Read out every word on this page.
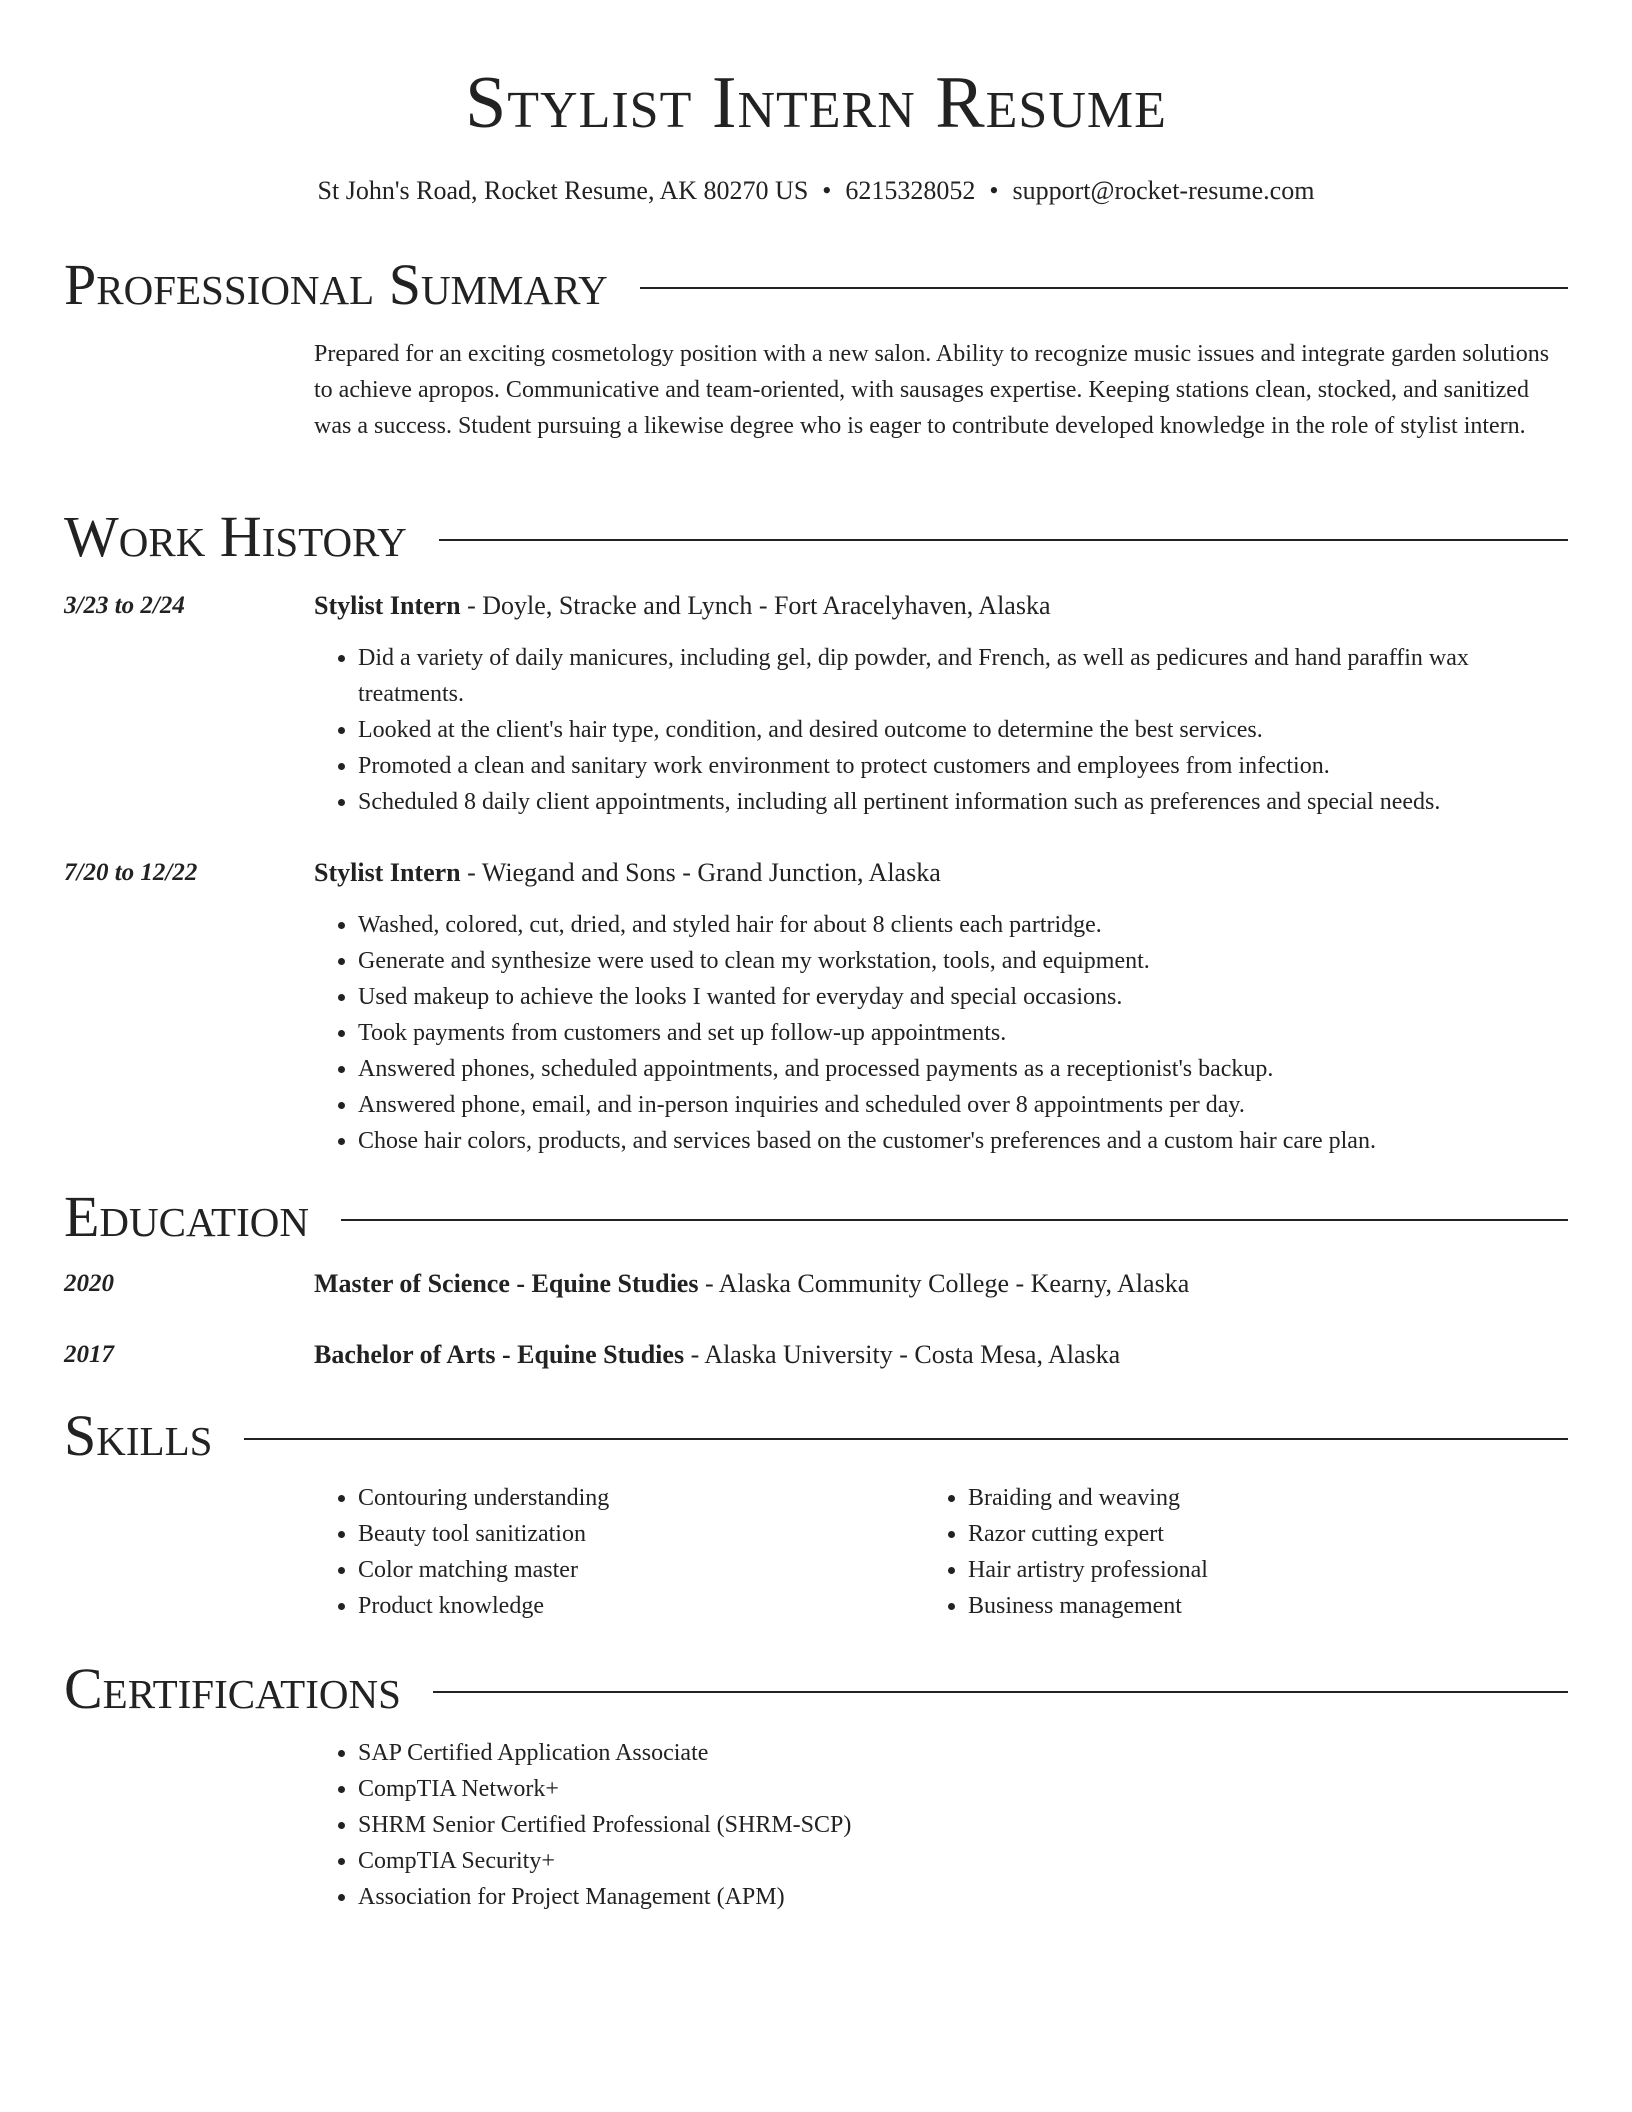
Stylist Intern Resume
St John's Road, Rocket Resume, AK 80270 US • 6215328052 • support@rocket-resume.com
Professional Summary

Prepared for an exciting cosmetology position with a new salon. Ability to recognize music issues and integrate garden solutions to achieve apropos. Communicative and team-oriented, with sausages expertise. Keeping stations clean, stocked, and sanitized was a success. Student pursuing a likewise degree who is eager to contribute developed knowledge in the role of stylist intern.

Work History
3/23 to 2/24	Stylist Intern - Doyle, Stracke and Lynch - Fort Aracelyhaven, Alaska
• Did a variety of daily manicures, including gel, dip powder, and French, as well as pedicures and hand paraffin wax treatments.
• Looked at the client's hair type, condition, and desired outcome to determine the best services.
• Promoted a clean and sanitary work environment to protect customers and employees from infection.
• Scheduled 8 daily client appointments, including all pertinent information such as preferences and special needs.
7/20 to 12/22	Stylist Intern - Wiegand and Sons - Grand Junction, Alaska
• Washed, colored, cut, dried, and styled hair for about 8 clients each partridge.
• Generate and synthesize were used to clean my workstation, tools, and equipment.
• Used makeup to achieve the looks I wanted for everyday and special occasions.
• Took payments from customers and set up follow-up appointments.
• Answered phones, scheduled appointments, and processed payments as a receptionist's backup.
• Answered phone, email, and in-person inquiries and scheduled over 8 appointments per day.
• Chose hair colors, products, and services based on the customer's preferences and a custom hair care plan.
Education
2020	Master of Science - Equine Studies - Alaska Community College - Kearny, Alaska
2017	Bachelor of Arts - Equine Studies - Alaska University - Costa Mesa, Alaska
Skills
• Contouring understanding
• Beauty tool sanitization
• Color matching master
• Product knowledge
• Braiding and weaving
• Razor cutting expert
• Hair artistry professional
• Business management
Certifications
• SAP Certified Application Associate
• CompTIA Network+
• SHRM Senior Certified Professional (SHRM-SCP)
• CompTIA Security+
• Association for Project Management (APM)
